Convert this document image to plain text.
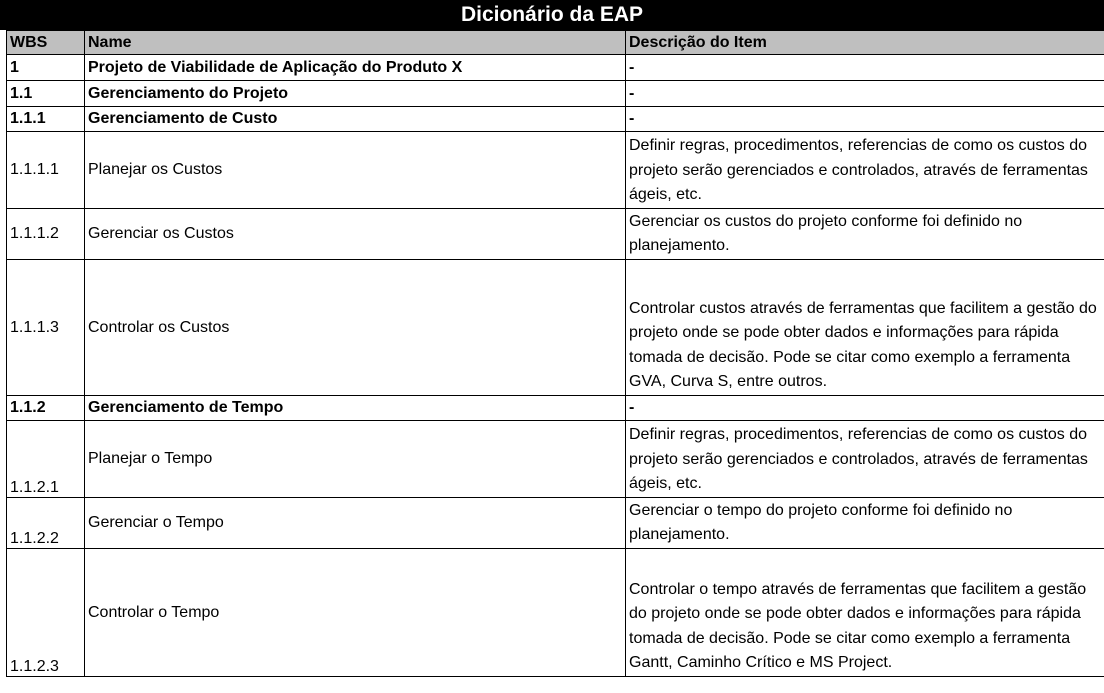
Dicionário da EAP
WBS	Name	Descrição do Item
1	Projeto de Viabilidade de Aplicação do Produto X	-
1.1	Gerenciamento do Projeto	-
1.1.1	Gerenciamento de Custo	-
1.1.1.1	Planejar os Custos	Definir regras, procedimentos, referencias de como os custos do projeto serão gerenciados e controlados, através de ferramentas ágeis, etc.
1.1.1.2	Gerenciar os Custos	Gerenciar os custos do projeto conforme foi definido no planejamento.
1.1.1.3	Controlar os Custos	Controlar custos através de ferramentas que facilitem a gestão do projeto onde se pode obter dados e informações para rápida tomada de decisão. Pode se citar como exemplo a ferramenta GVA, Curva S, entre outros.
1.1.2	Gerenciamento de Tempo	-
1.1.2.1	Planejar o Tempo	Definir regras, procedimentos, referencias de como os custos do projeto serão gerenciados e controlados, através de ferramentas ágeis, etc.
1.1.2.2	Gerenciar o Tempo	Gerenciar o tempo do projeto conforme foi definido no planejamento.
1.1.2.3	Controlar o Tempo	Controlar o tempo através de ferramentas que facilitem a gestão do projeto onde se pode obter dados e informações para rápida tomada de decisão. Pode se citar como exemplo a ferramenta Gantt, Caminho Crítico e MS Project.
